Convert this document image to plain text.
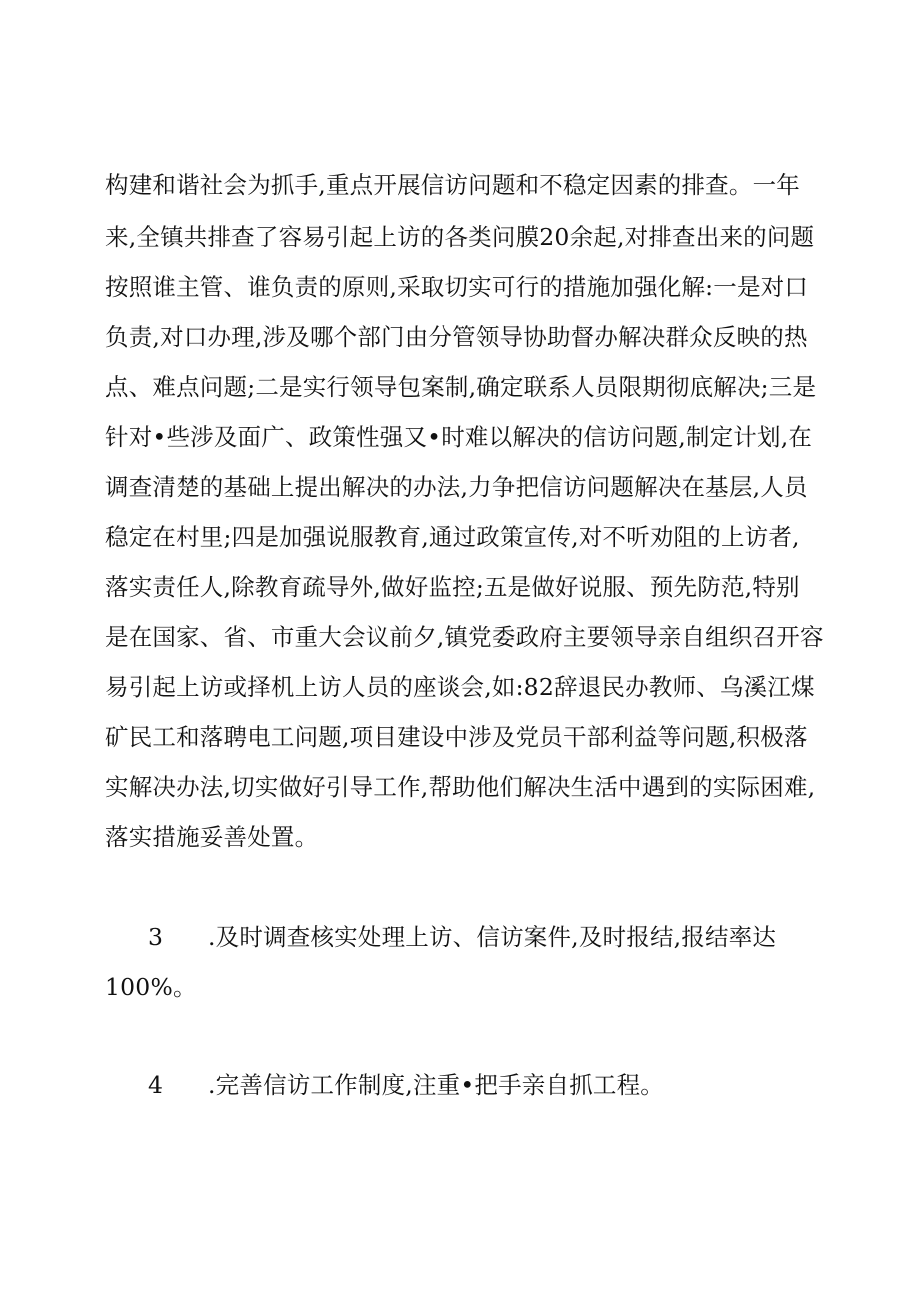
构建和谐社会为抓手,重点开展信访问题和不稳定因素的排查。一年
来,全镇共排查了容易引起上访的各类问膜20余起,对排查出来的问题
按照谁主管、谁负责的原则,采取切实可行的措施加强化解:一是对口
负责,对口办理,涉及哪个部门由分管领导协助督办解决群众反映的热
点、难点问题;二是实行领导包案制,确定联系人员限期彻底解决;三是
针对•些涉及面广、政策性强又•时难以解决的信访问题,制定计划,在
调查清楚的基础上提出解决的办法,力争把信访问题解决在基层,人员
稳定在村里;四是加强说服教育,通过政策宣传,对不听劝阻的上访者,
落实责任人,除教育疏导外,做好监控;五是做好说服、预先防范,特别
是在国家、省、市重大会议前夕,镇党委政府主要领导亲自组织召开容
易引起上访或择机上访人员的座谈会,如:82辞退民办教师、乌溪江煤
矿民工和落聘电工问题,项目建设中涉及党员干部利益等问题,积极落
实解决办法,切实做好引导工作,帮助他们解决生活中遇到的实际困难,
落实措施妥善处置。
3 .及时调查核实处理上访、信访案件,及时报结,报结率达
100%。
4 .完善信访工作制度,注重•把手亲自抓工程。
